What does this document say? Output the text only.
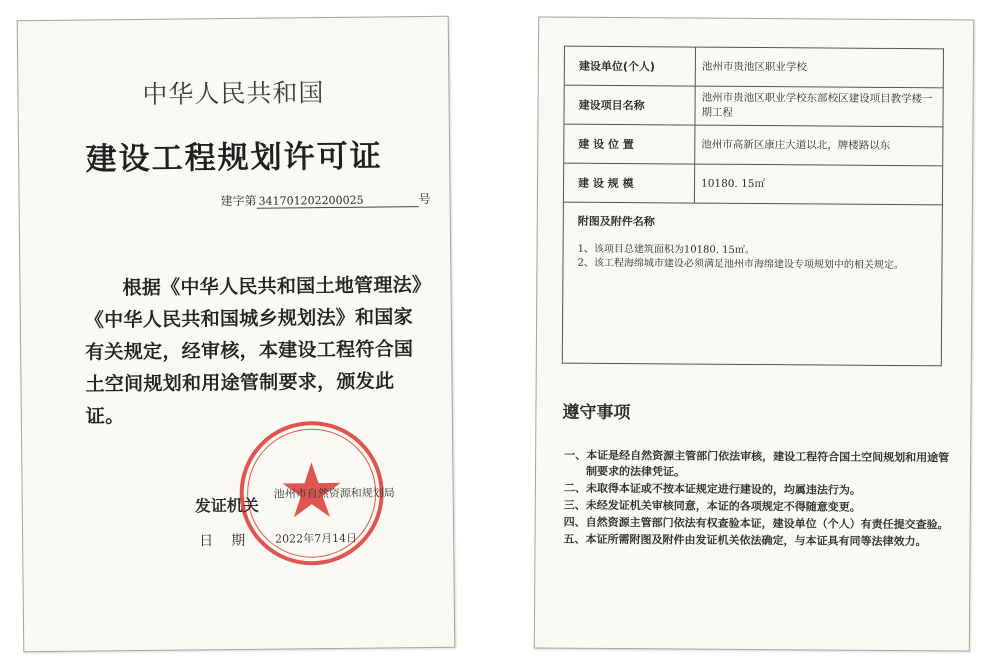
中华人民共和国
建设工程规划许可证
建字第 341701202200025	号
根据《中华人民共和国土地管理法》《中华人民共和国城乡规划法》和国家有关规定，经审核，本建设工程符合国土空间规划和用途管制要求，颁发此证。
发证机关
池州市自然资源和规划局
日期 2022年7月14日
建设单位(个人)	池州市贵池区职业学校
建设项目名称	池州市贵池区职业学校东部校区建设项目教学楼一期工程
建 设 位 置	池州市高新区康庄大道以北，牌楼路以东
建 设 规 模	10180. 15㎡

附图及附件名称
1、该项目总建筑面积为10180. 15㎡。
2、该工程海绵城市建设必须满足池州市海绵建设专项规划中的相关规定。	
遵守事项
一、 本证是经自然资源主管部门依法审核，建设工程符合国土空间规划和用途管制要求的法律凭证。
二、 未取得本证或不按本证规定进行建设的，均属违法行为。
三、 未经发证机关审核同意，本证的各项规定不得随意变更。
四、 自然资源主管部门依法有权查验本证，建设单位（个人）有责任提交查验。
五、 本证所需附图及附件由发证机关依法确定，与本证具有同等法律效力。
